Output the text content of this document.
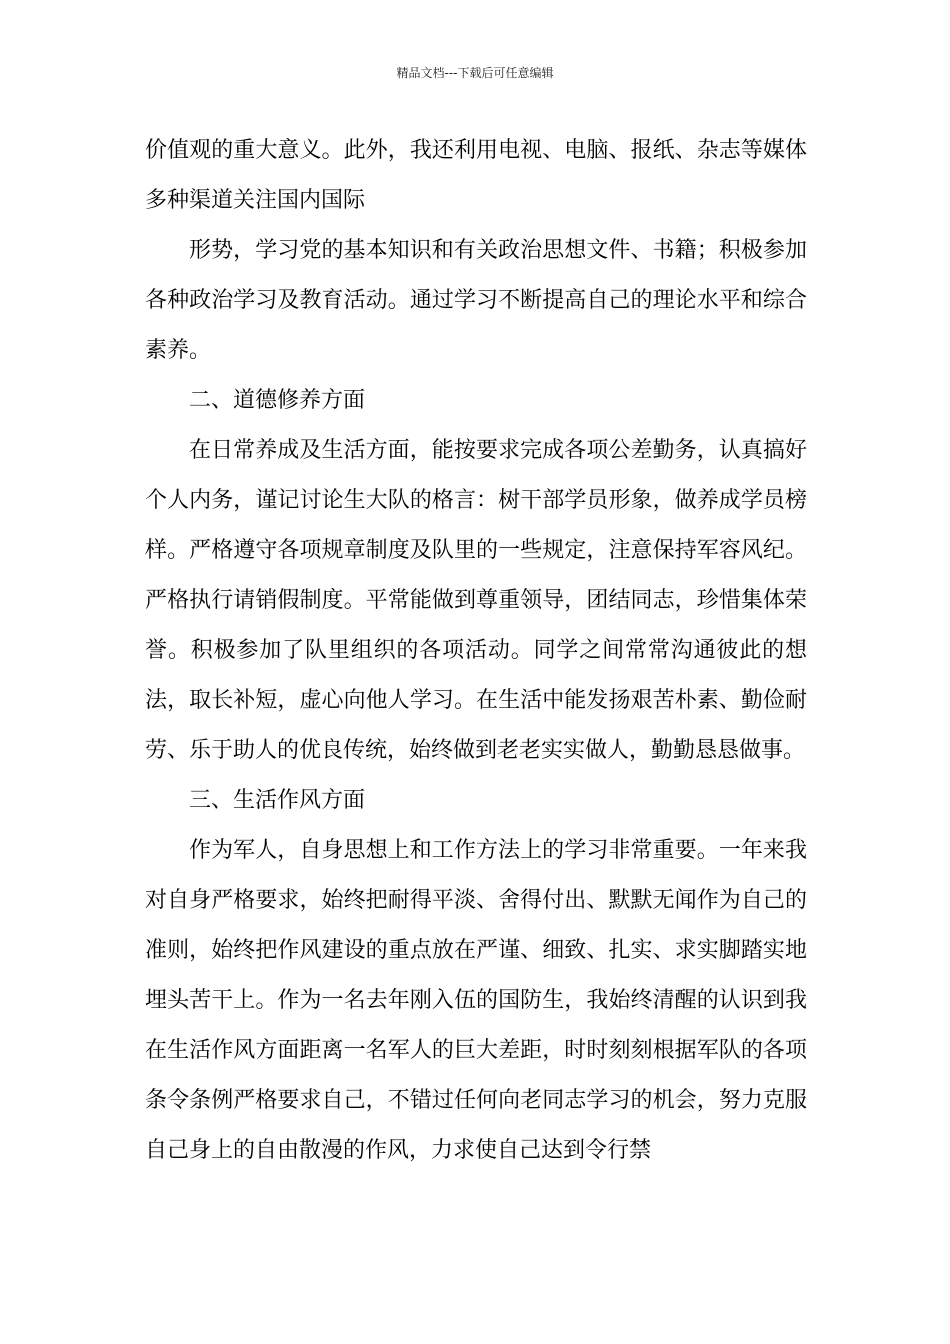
精品文档---下载后可任意编辑

价值观的重大意义。此外，我还利用电视、电脑、报纸、杂志等媒体多种渠道关注国内国际

形势，学习党的基本知识和有关政治思想文件、书籍；积极参加各种政治学习及教育活动。通过学习不断提高自己的理论水平和综合素养。

二、道德修养方面

在日常养成及生活方面，能按要求完成各项公差勤务，认真搞好个人内务，谨记讨论生大队的格言：树干部学员形象，做养成学员榜样。严格遵守各项规章制度及队里的一些规定，注意保持军容风纪。严格执行请销假制度。平常能做到尊重领导，团结同志，珍惜集体荣誉。积极参加了队里组织的各项活动。同学之间常常沟通彼此的想法，取长补短，虚心向他人学习。在生活中能发扬艰苦朴素、勤俭耐劳、乐于助人的优良传统，始终做到老老实实做人，勤勤恳恳做事。

三、生活作风方面

作为军人，自身思想上和工作方法上的学习非常重要。一年来我对自身严格要求，始终把耐得平淡、舍得付出、默默无闻作为自己的准则，始终把作风建设的重点放在严谨、细致、扎实、求实脚踏实地埋头苦干上。作为一名去年刚入伍的国防生，我始终清醒的认识到我在生活作风方面距离一名军人的巨大差距，时时刻刻根据军队的各项条令条例严格要求自己，不错过任何向老同志学习的机会，努力克服自己身上的自由散漫的作风，力求使自己达到令行禁
